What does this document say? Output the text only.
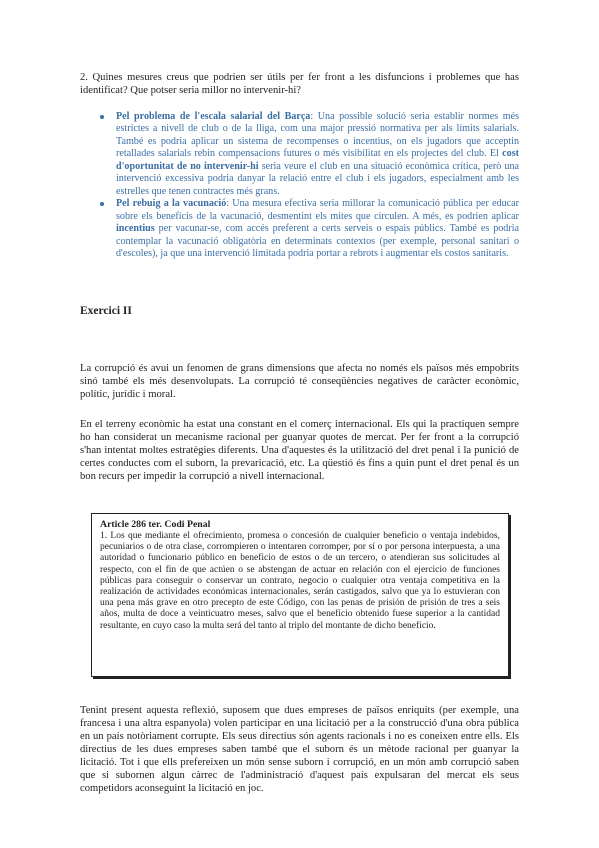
2. Quines mesures creus que podrien ser útils per fer front a les disfuncions i problemes que has identificat? Que potser seria millor no intervenir-hi?

Pel problema de l'escala salarial del Barça: Una possible solució seria establir normes més estrictes a nivell de club o de la lliga, com una major pressió normativa per als límits salarials. També es podria aplicar un sistema de recompenses o incentius, on els jugadors que acceptin retallades salarials rebin compensacions futures o més visibilitat en els projectes del club. El cost d'oportunitat de no intervenir-hi seria veure el club en una situació econòmica crítica, però una intervenció excessiva podria danyar la relació entre el club i els jugadors, especialment amb les estrelles que tenen contractes més grans.
Pel rebuig a la vacunació: Una mesura efectiva seria millorar la comunicació pública per educar sobre els beneficis de la vacunació, desmentint els mites que circulen. A més, es podrien aplicar incentius per vacunar-se, com accés preferent a certs serveis o espais públics. També es podria contemplar la vacunació obligatòria en determinats contextos (per exemple, personal sanitari o d'escoles), ja que una intervenció limitada podria portar a rebrots i augmentar els costos sanitaris.
Exercici II

La corrupció és avui un fenomen de grans dimensions que afecta no només els països més empobrits sinó també els més desenvolupats. La corrupció té conseqüències negatives de caràcter econòmic, polític, jurídic i moral.

En el terreny econòmic ha estat una constant en el comerç internacional. Els qui la practiquen sempre ho han considerat un mecanisme racional per guanyar quotes de mercat. Per fer front a la corrupció s'han intentat moltes estratègies diferents. Una d'aquestes és la utilització del dret penal i la punició de certes conductes com el suborn, la prevaricació, etc. La qüestió és fins a quin punt el dret penal és un bon recurs per impedir la corrupció a nivell internacional.

Article 286 ter. Codi Penal
1. Los que mediante el ofrecimiento, promesa o concesión de cualquier beneficio o ventaja indebidos, pecuniarios o de otra clase, corrompieren o intentaren corromper, por sí o por persona interpuesta, a una autoridad o funcionario público en beneficio de estos o de un tercero, o atendieran sus solicitudes al respecto, con el fin de que actúen o se abstengan de actuar en relación con el ejercicio de funciones públicas para conseguir o conservar un contrato, negocio o cualquier otra ventaja competitiva en la realización de actividades económicas internacionales, serán castigados, salvo que ya lo estuvieran con una pena más grave en otro precepto de este Código, con las penas de prisión de prisión de tres a seis años, multa de doce a veinticuatro meses, salvo que el beneficio obtenido fuese superior a la cantidad resultante, en cuyo caso la multa será del tanto al triplo del montante de dicho beneficio.

Tenint present aquesta reflexió, suposem que dues empreses de països enriquits (per exemple, una francesa i una altra espanyola) volen participar en una licitació per a la construcció d'una obra pública en un país notòriament corrupte. Els seus directius són agents racionals i no es coneixen entre ells. Els directius de les dues empreses saben també que el suborn és un mètode racional per guanyar la licitació. Tot i que ells prefereixen un món sense suborn i corrupció, en un món amb corrupció saben que si subornen algun càrrec de l'administració d'aquest país expulsaran del mercat els seus competidors aconseguint la licitació en joc.
